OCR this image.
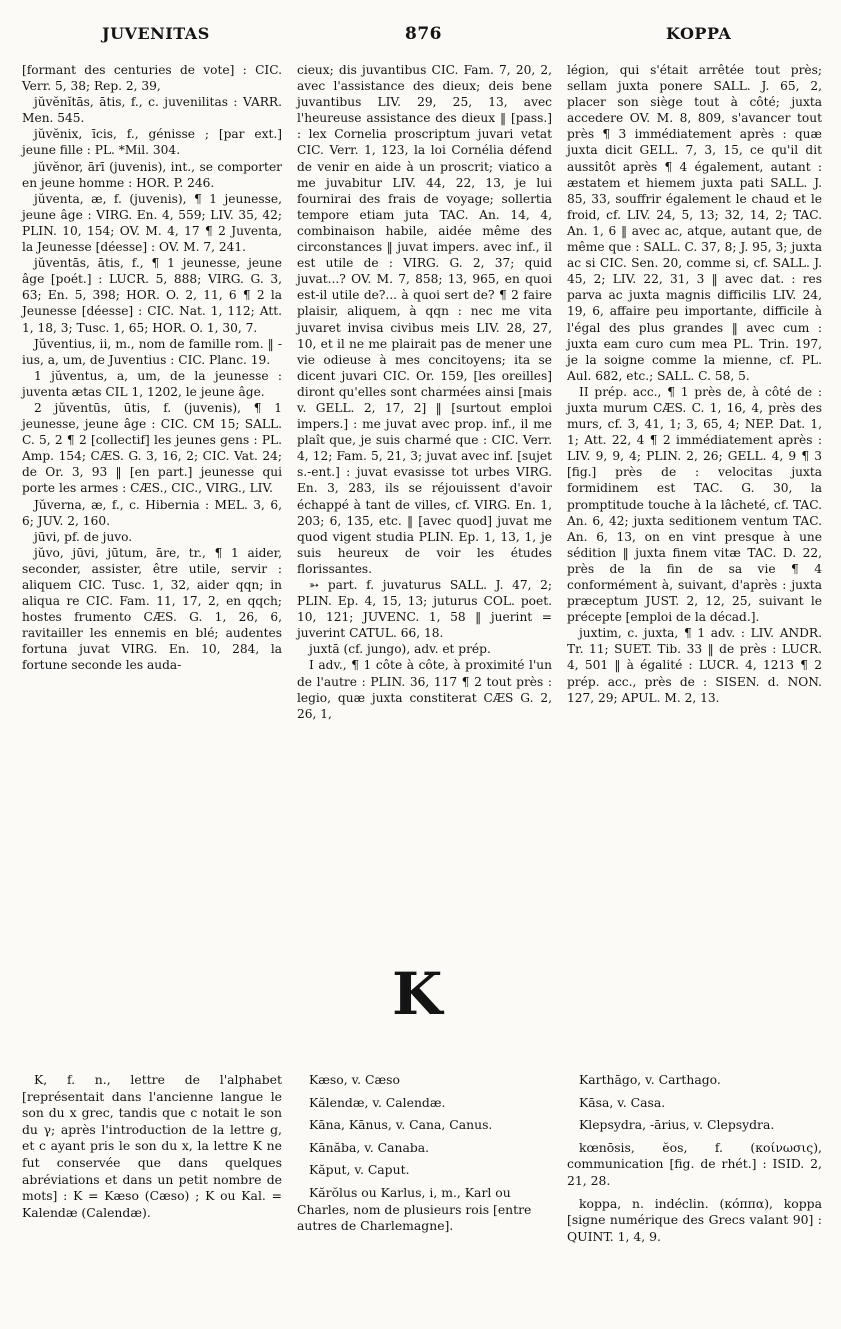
JUVENITAS	876	KOPPA

[formant des centuries de vote] : CIC. Verr. 5, 38; Rep. 2, 39,

jŭvĕnĭtās, ātis, f., c. juvenilitas : VARR. Men. 545.

jŭvĕnix, īcis, f., génisse ; [par ext.] jeune fille : PL. *Mil. 304.

jŭvĕnor, ārī (juvenis), int., se comporter en jeune homme : HOR. P. 246.

jŭventa, æ, f. (juvenis), ¶ 1 jeunesse, jeune âge : VIRG. En. 4, 559; LIV. 35, 42; PLIN. 10, 154; OV. M. 4, 17 ¶ 2 Juventa, la Jeunesse [déesse] : OV. M. 7, 241.

jŭventās, ātis, f., ¶ 1 jeunesse, jeune âge [poét.] : LUCR. 5, 888; VIRG. G. 3, 63; En. 5, 398; HOR. O. 2, 11, 6 ¶ 2 la Jeunesse [déesse] : CIC. Nat. 1, 112; Att. 1, 18, 3; Tusc. 1, 65; HOR. O. 1, 30, 7.

Jŭventius, ii, m., nom de famille rom. ‖ -ius, a, um, de Juventius : CIC. Planc. 19.

1 jŭventus, a, um, de la jeunesse : juventa ætas CIL 1, 1202, le jeune âge.

2 jŭventūs, ūtis, f. (juvenis), ¶ 1 jeunesse, jeune âge : CIC. CM 15; SALL. C. 5, 2 ¶ 2 [collectif] les jeunes gens : PL. Amp. 154; CÆS. G. 3, 16, 2; CIC. Vat. 24; de Or. 3, 93 ‖ [en part.] jeunesse qui porte les armes : CÆS., CIC., VIRG., LIV.

Jŭverna, æ, f., c. Hibernia : MEL. 3, 6, 6; JUV. 2, 160.

jūvi, pf. de juvo.

jŭvo, jūvi, jūtum, āre, tr., ¶ 1 aider, seconder, assister, être utile, servir : aliquem CIC. Tusc. 1, 32, aider qqn; in aliqua re CIC. Fam. 11, 17, 2, en qqch; hostes frumento CÆS. G. 1, 26, 6, ravitailler les ennemis en blé; audentes fortuna juvat VIRG. En. 10, 284, la fortune seconde les auda-

cieux; dis juvantibus CIC. Fam. 7, 20, 2, avec l'assistance des dieux; deis bene juvantibus LIV. 29, 25, 13, avec l'heureuse assistance des dieux ‖ [pass.] : lex Cornelia proscriptum juvari vetat CIC. Verr. 1, 123, la loi Cornélia défend de venir en aide à un proscrit; viatico a me juvabitur LIV. 44, 22, 13, je lui fournirai des frais de voyage; sollertia tempore etiam juta TAC. An. 14, 4, combinaison habile, aidée même des circonstances ‖ juvat impers. avec inf., il est utile de : VIRG. G. 2, 37; quid juvat...? OV. M. 7, 858; 13, 965, en quoi est-il utile de?... à quoi sert de? ¶ 2 faire plaisir, aliquem, à qqn : nec me vita juvaret invisa civibus meis LIV. 28, 27, 10, et il ne me plairait pas de mener une vie odieuse à mes concitoyens; ita se dicent juvari CIC. Or. 159, [les oreilles] diront qu'elles sont charmées ainsi [mais v. GELL. 2, 17, 2] ‖ [surtout emploi impers.] : me juvat avec prop. inf., il me plaît que, je suis charmé que : CIC. Verr. 4, 12; Fam. 5, 21, 3; juvat avec inf. [sujet s.-ent.] : juvat evasisse tot urbes VIRG. En. 3, 283, ils se réjouissent d'avoir échappé à tant de villes, cf. VIRG. En. 1, 203; 6, 135, etc. ‖ [avec quod] juvat me quod vigent studia PLIN. Ep. 1, 13, 1, je suis heureux de voir les études florissantes.

➳ part. f. juvaturus SALL. J. 47, 2; PLIN. Ep. 4, 15, 13; juturus COL. poet. 10, 121; JUVENC. 1, 58 ‖ juerint = juverint CATUL. 66, 18.

juxtā (cf. jungo), adv. et prép.

I adv., ¶ 1 côte à côte, à proximité l'un de l'autre : PLIN. 36, 117 ¶ 2 tout près : legio, quæ juxta constiterat CÆS G. 2, 26, 1,

légion, qui s'était arrêtée tout près; sellam juxta ponere SALL. J. 65, 2, placer son siège tout à côté; juxta accedere OV. M. 8, 809, s'avancer tout près ¶ 3 immédiatement après : quæ juxta dicit GELL. 7, 3, 15, ce qu'il dit aussitôt après ¶ 4 également, autant : æstatem et hiemem juxta pati SALL. J. 85, 33, souffrir également le chaud et le froid, cf. LIV. 24, 5, 13; 32, 14, 2; TAC. An. 1, 6 ‖ avec ac, atque, autant que, de même que : SALL. C. 37, 8; J. 95, 3; juxta ac si CIC. Sen. 20, comme si, cf. SALL. J. 45, 2; LIV. 22, 31, 3 ‖ avec dat. : res parva ac juxta magnis difficilis LIV. 24, 19, 6, affaire peu importante, difficile à l'égal des plus grandes ‖ avec cum : juxta eam curo cum mea PL. Trin. 197, je la soigne comme la mienne, cf. PL. Aul. 682, etc.; SALL. C. 58, 5.

II prép. acc., ¶ 1 près de, à côté de : juxta murum CÆS. C. 1, 16, 4, près des murs, cf. 3, 41, 1; 3, 65, 4; NEP. Dat. 1, 1; Att. 22, 4 ¶ 2 immédiatement après : LIV. 9, 9, 4; PLIN. 2, 26; GELL. 4, 9 ¶ 3 [fig.] près de : velocitas juxta formidinem est TAC. G. 30, la promptitude touche à la lâcheté, cf. TAC. An. 6, 42; juxta seditionem ventum TAC. An. 6, 13, on en vint presque à une sédition ‖ juxta finem vitæ TAC. D. 22, près de la fin de sa vie ¶ 4 conformément à, suivant, d'après : juxta præceptum JUST. 2, 12, 25, suivant le précepte [emploi de la décad.].

juxtim, c. juxta, ¶ 1 adv. : LIV. ANDR. Tr. 11; SUET. Tib. 33 ‖ de près : LUCR. 4, 501 ‖ à égalité : LUCR. 4, 1213 ¶ 2 prép. acc., près de : SISEN. d. NON. 127, 29; APUL. M. 2, 13.

K

K, f. n., lettre de l'alphabet [représentait dans l'ancienne langue le son du x grec, tandis que c notait le son du γ; après l'introduction de la lettre g, et c ayant pris le son du x, la lettre K ne fut conservée que dans quelques abréviations et dans un petit nombre de mots] : K = Kæso (Cæso) ; K ou Kal. = Kalendæ (Calendæ).

Kæso, v. Cæso

Kălendæ, v. Calendæ.

Kāna, Kānus, v. Cana, Canus.

Kānăba, v. Canaba.

Kăput, v. Caput.

Kărŏlus ou Karlus, i, m., Karl ou Charles, nom de plusieurs rois [entre autres de Charlemagne].

Karthāgo, v. Carthago.

Kāsa, v. Casa.

Klepsydra, -ārius, v. Clepsydra.

kœnōsis, ĕos, f. (κοίνωσις), communication [fig. de rhét.] : ISID. 2, 21, 28.

koppa, n. indéclin. (κόππα), koppa [signe numérique des Grecs valant 90] : QUINT. 1, 4, 9.
